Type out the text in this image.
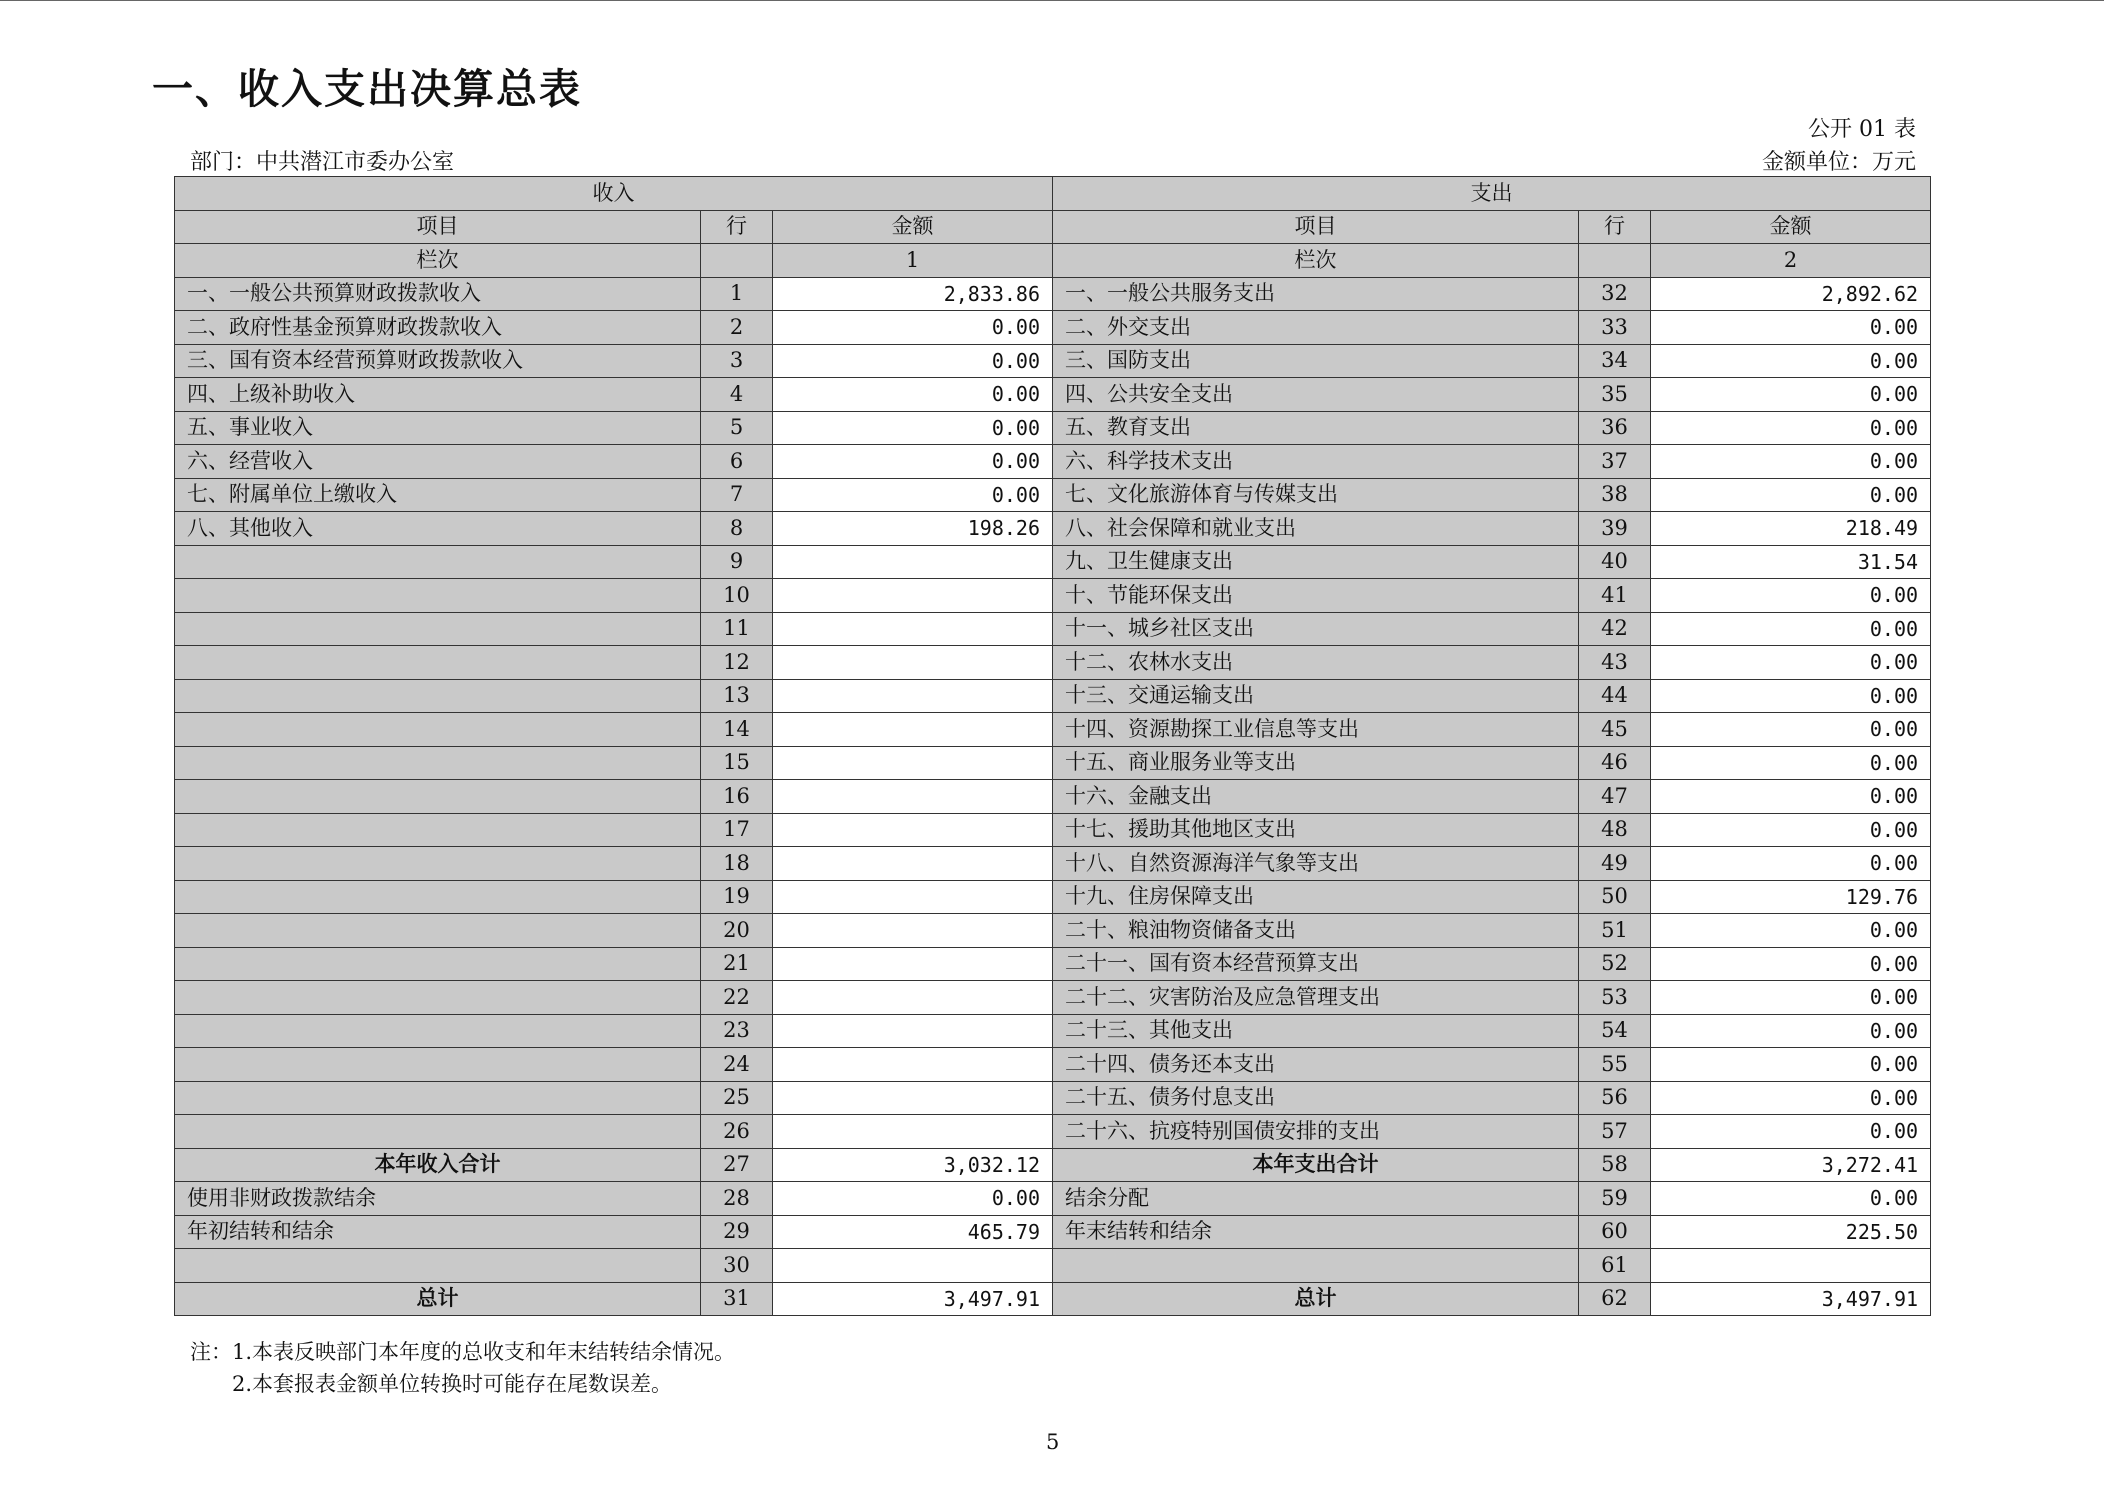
一、收入支出决算总表
公开 01 表
部门：中共潜江市委办公室	金额单位：万元
收入			支出		
项目	行	金额	项目	行	金额
栏次		1	栏次		2
一、一般公共预算财政拨款收入	1	2,833.86	一、一般公共服务支出	32	2,892.62
二、政府性基金预算财政拨款收入	2	0.00	二、外交支出	33	0.00
三、国有资本经营预算财政拨款收入	3	0.00	三、国防支出	34	0.00
四、上级补助收入	4	0.00	四、公共安全支出	35	0.00
五、事业收入	5	0.00	五、教育支出	36	0.00
六、经营收入	6	0.00	六、科学技术支出	37	0.00
七、附属单位上缴收入	7	0.00	七、文化旅游体育与传媒支出	38	0.00
八、其他收入	8	198.26	八、社会保障和就业支出	39	218.49
	9		九、卫生健康支出	40	31.54
	10		十、节能环保支出	41	0.00
	11		十一、城乡社区支出	42	0.00
	12		十二、农林水支出	43	0.00
	13		十三、交通运输支出	44	0.00
	14		十四、资源勘探工业信息等支出	45	0.00
	15		十五、商业服务业等支出	46	0.00
	16		十六、金融支出	47	0.00
	17		十七、援助其他地区支出	48	0.00
	18		十八、自然资源海洋气象等支出	49	0.00
	19		十九、住房保障支出	50	129.76
	20		二十、粮油物资储备支出	51	0.00
	21		二十一、国有资本经营预算支出	52	0.00
	22		二十二、灾害防治及应急管理支出	53	0.00
	23		二十三、其他支出	54	0.00
	24		二十四、债务还本支出	55	0.00
	25		二十五、债务付息支出	56	0.00
	26		二十六、抗疫特别国债安排的支出	57	0.00
本年收入合计	27	3,032.12	本年支出合计	58	3,272.41
使用非财政拨款结余	28	0.00	结余分配	59	0.00
年初结转和结余	29	465.79	年末结转和结余	60	225.50
	30			61	
总计	31	3,497.91	总计	62	3,497.91
注：1.本表反映部门本年度的总收支和年末结转结余情况。
2.本套报表金额单位转换时可能存在尾数误差。
5
